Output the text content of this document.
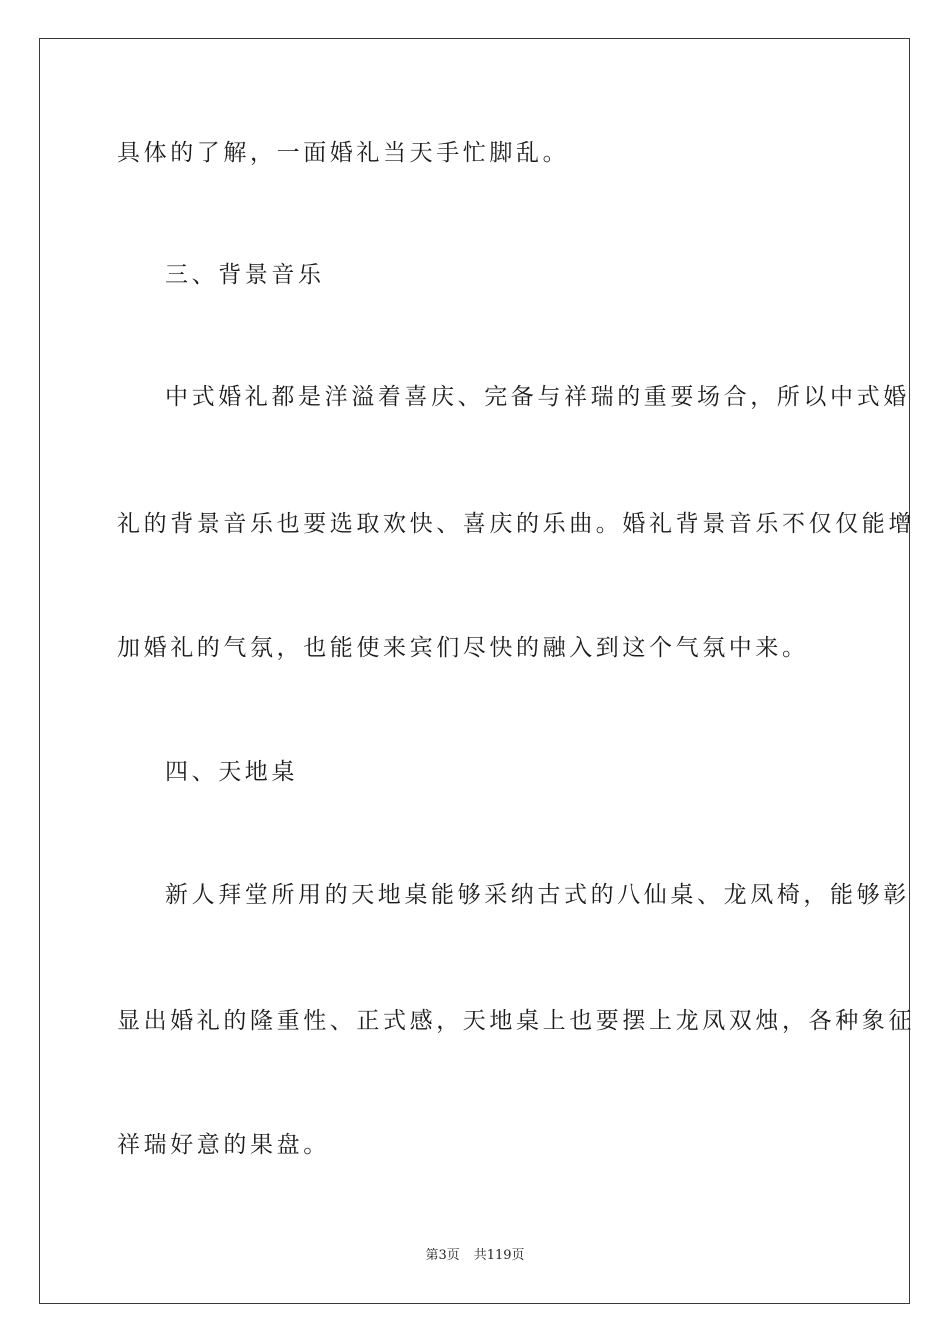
具体的了解，一面婚礼当天手忙脚乱。
三、背景音乐
中式婚礼都是洋溢着喜庆、完备与祥瑞的重要场合，所以中式婚
礼的背景音乐也要选取欢快、喜庆的乐曲。婚礼背景音乐不仅仅能增
加婚礼的气氛，也能使来宾们尽快的融入到这个气氛中来。
四、天地桌
新人拜堂所用的天地桌能够采纳古式的八仙桌、龙凤椅，能够彰
显出婚礼的隆重性、正式感，天地桌上也要摆上龙凤双烛，各种象征
祥瑞好意的果盘。
第3页 共119页
